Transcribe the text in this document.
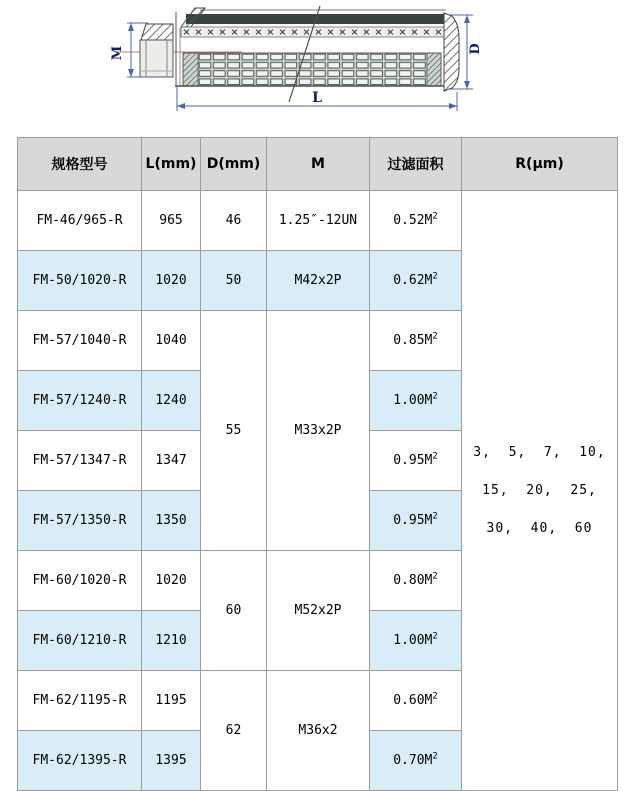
M	D
L
规格型号	L(mm)	D(mm)	M	过滤面积	R(μm)
FM-46/965-R	965	46	1.25″-12UN	$0.52M^2$	3,  5,  7,  10,
15,  20,  25,
30,  40,  60

FM-50/1020-R	1020	50	M42x2P	$0.62M^2$
FM-57/1040-R	1040	55	M33x2P	$0.85M^2$
FM-57/1240-R	1240			$1.00M^2$
FM-57/1347-R	1347			$0.95M^2$
FM-57/1350-R	1350			$0.95M^2$
FM-60/1020-R	1020	60	M52x2P	$0.80M^2$
FM-60/1210-R	1210			$1.00M^2$
FM-62/1195-R	1195	62	M36x2	$0.60M^2$
FM-62/1395-R	1395			$0.70M^2$
